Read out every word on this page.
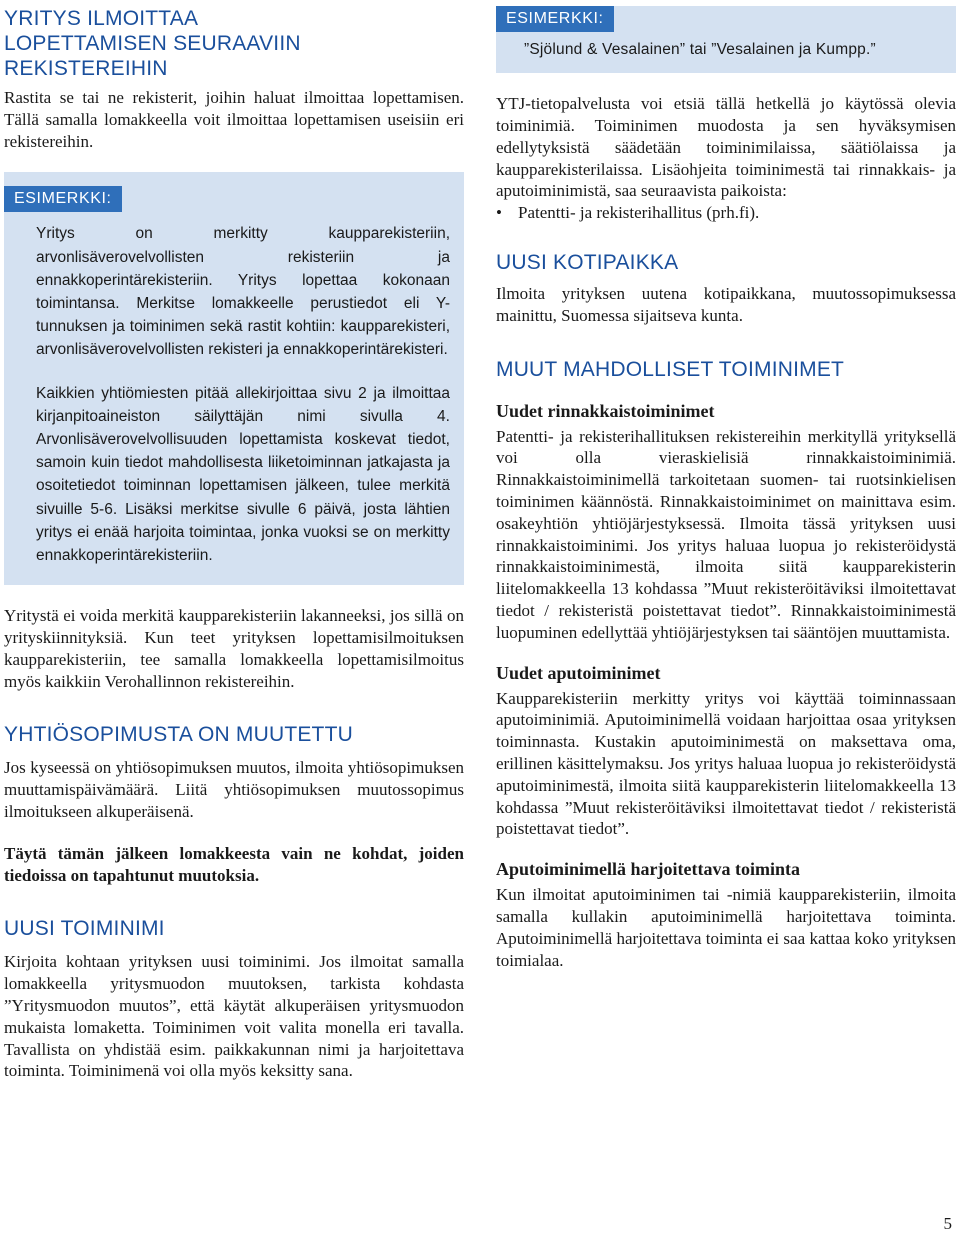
YRITYS ILMOITTAA LOPETTAMISEN SEURAAVIIN REKISTEREIHIN

Rastita se tai ne rekisterit, joihin haluat ilmoittaa lopettamisen. Tällä samalla lomakkeella voit ilmoittaa lopettamisen useisiin eri rekistereihin.

ESIMERKKI:

Yritys on merkitty kaupparekisteriin, arvonlisäverovelvollisten rekisteriin ja ennakkoperintärekisteriin. Yritys lopettaa kokonaan toimintansa. Merkitse lomakkeelle perustiedot eli Y-tunnuksen ja toiminimen sekä rastit kohtiin: kaupparekisteri, arvonlisäverovelvollisten rekisteri ja ennakkoperintärekisteri.

Kaikkien yhtiömiesten pitää allekirjoittaa sivu 2 ja ilmoittaa kirjanpitoaineiston säilyttäjän nimi sivulla 4. Arvonlisäverovelvollisuuden lopettamista koskevat tiedot, samoin kuin tiedot mahdollisesta liiketoiminnan jatkajasta ja osoitetiedot toiminnan lopettamisen jälkeen, tulee merkitä sivuille 5-6. Lisäksi merkitse sivulle 6 päivä, josta lähtien yritys ei enää harjoita toimintaa, jonka vuoksi se on merkitty ennakkoperintärekisteriin.

Yritystä ei voida merkitä kaupparekisteriin lakanneeksi, jos sillä on yrityskiinnityksiä. Kun teet yrityksen lopettamisilmoituksen kaupparekisteriin, tee samalla lomakkeella lopettamisilmoitus myös kaikkiin Verohallinnon rekistereihin.

YHTIÖSOPIMUSTA ON MUUTETTU

Jos kyseessä on yhtiösopimuksen muutos, ilmoita yhtiösopimuksen muuttamispäivämäärä. Liitä yhtiösopimuksen muutossopimus ilmoitukseen alkuperäisenä.

Täytä tämän jälkeen lomakkeesta vain ne kohdat, joiden tiedoissa on tapahtunut muutoksia.

UUSI TOIMINIMI

Kirjoita kohtaan yrityksen uusi toiminimi. Jos ilmoitat samalla lomakkeella yritysmuodon muutoksen, tarkista kohdasta ”Yritysmuodon muutos”, että käytät alkuperäisen yritysmuodon mukaista lomaketta. Toiminimen voit valita monella eri tavalla. Tavallista on yhdistää esim. paikkakunnan nimi ja harjoitettava toiminta. Toiminimenä voi olla myös keksitty sana.

ESIMERKKI:

”Sjölund & Vesalainen” tai ”Vesalainen ja Kumpp.”

YTJ-tietopalvelusta voi etsiä tällä hetkellä jo käytössä olevia toiminimiä. Toiminimen muodosta ja sen hyväksymisen edellytyksistä säädetään toiminimilaissa, säätiölaissa ja kaupparekisterilaissa. Lisäohjeita toiminimestä tai rinnakkais- ja aputoiminimistä, saa seuraavista paikoista:

• Patentti- ja rekisterihallitus (prh.fi).
UUSI KOTIPAIKKA

Ilmoita yrityksen uutena kotipaikkana, muutossopimuksessa mainittu, Suomessa sijaitseva kunta.

MUUT MAHDOLLISET TOIMINIMET
Uudet rinnakkaistoiminimet

Patentti- ja rekisterihallituksen rekistereihin merkityllä yrityksellä voi olla vieraskielisiä rinnakkaistoiminimiä. Rinnakkaistoiminimellä tarkoitetaan suomen- tai ruotsinkielisen toiminimen käännöstä. Rinnakkaistoiminimet on mainittava esim. osakeyhtiön yhtiöjärjestyksessä. Ilmoita tässä yrityksen uusi rinnakkaistoiminimi. Jos yritys haluaa luopua jo rekisteröidystä rinnakkaistoiminimestä, ilmoita siitä kaupparekisterin liitelomakkeella 13 kohdassa ”Muut rekisteröitäviksi ilmoitettavat tiedot / rekisteristä poistettavat tiedot”. Rinnakkaistoiminimestä luopuminen edellyttää yhtiöjärjestyksen tai sääntöjen muuttamista.

Uudet aputoiminimet

Kaupparekisteriin merkitty yritys voi käyttää toiminnassaan aputoiminimiä. Aputoiminimellä voidaan harjoittaa osaa yrityksen toiminnasta. Kustakin aputoiminimestä on maksettava oma, erillinen käsittelymaksu. Jos yritys haluaa luopua jo rekisteröidystä aputoiminimestä, ilmoita siitä kaupparekisterin liitelomakkeella 13 kohdassa ”Muut rekisteröitäviksi ilmoitettavat tiedot / rekisteristä poistettavat tiedot”.

Aputoiminimellä harjoitettava toiminta

Kun ilmoitat aputoiminimen tai -nimiä kaupparekisteriin, ilmoita samalla kullakin aputoiminimellä harjoitettava toiminta. Aputoiminimellä harjoitettava toiminta ei saa kattaa koko yrityksen toimialaa.

5
